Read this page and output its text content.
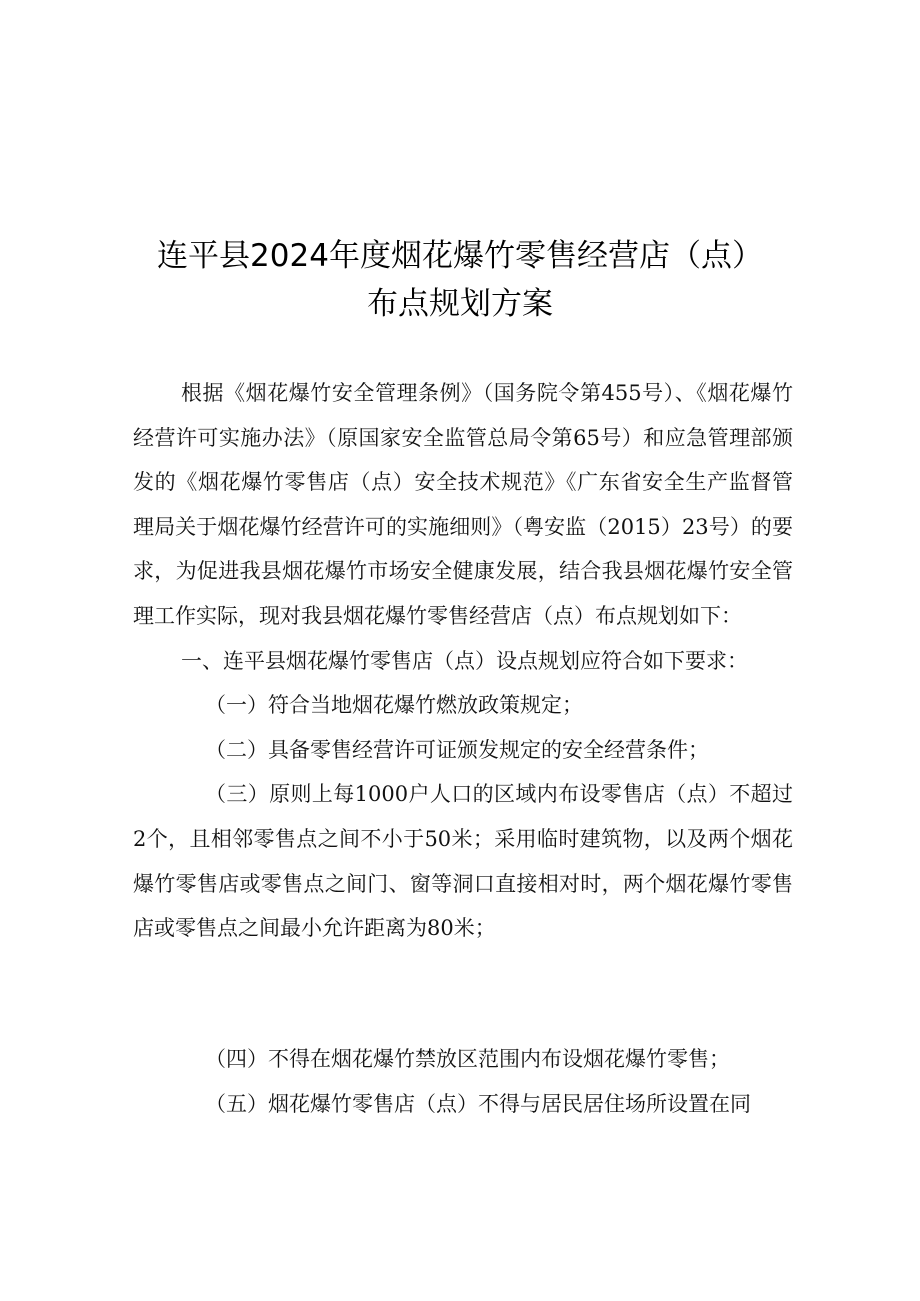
连平县2024年度烟花爆竹零售经营店（点）
布点规划方案

根据《烟花爆竹安全管理条例》（国务院令第455号）、《烟花爆竹经营许可实施办法》（原国家安全监管总局令第65号）和应急管理部颁发的《烟花爆竹零售店（点）安全技术规范》《广东省安全生产监督管理局关于烟花爆竹经营许可的实施细则》（粤安监（2015）23号）的要求，为促进我县烟花爆竹市场安全健康发展，结合我县烟花爆竹安全管理工作实际，现对我县烟花爆竹零售经营店（点）布点规划如下：

一、连平县烟花爆竹零售店（点）设点规划应符合如下要求：

（一）符合当地烟花爆竹燃放政策规定；

（二）具备零售经营许可证颁发规定的安全经营条件；

（三）原则上每1000户人口的区域内布设零售店（点）不超过2个，且相邻零售点之间不小于50米；采用临时建筑物，以及两个烟花爆竹零售店或零售点之间门、窗等洞口直接相对时，两个烟花爆竹零售店或零售点之间最小允许距离为80米；

（四）不得在烟花爆竹禁放区范围内布设烟花爆竹零售；

（五）烟花爆竹零售店（点）不得与居民居住场所设置在同
